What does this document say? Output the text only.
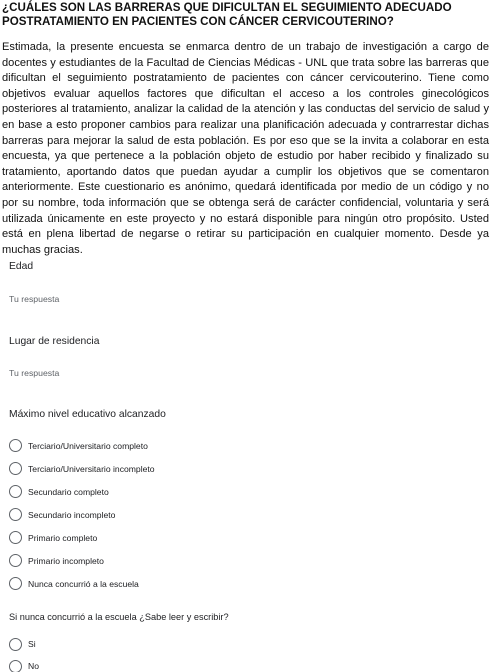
¿CUÁLES SON LAS BARRERAS QUE DIFICULTAN EL SEGUIMIENTO ADECUADO POSTRATAMIENTO EN PACIENTES CON CÁNCER CERVICOUTERINO?
Estimada, la presente encuesta se enmarca dentro de un trabajo de investigación a cargo de docentes y estudiantes de la Facultad de Ciencias Médicas - UNL que trata sobre las barreras que dificultan el seguimiento postratamiento de pacientes con cáncer cervicouterino. Tiene como objetivos evaluar aquellos factores que dificultan el acceso a los controles ginecológicos posteriores al tratamiento, analizar la calidad de la atención y las conductas del servicio de salud y en base a esto proponer cambios para realizar una planificación adecuada y contrarrestar dichas barreras para mejorar la salud de esta población. Es por eso que se la invita a colaborar en esta encuesta, ya que pertenece a la población objeto de estudio por haber recibido y finalizado su tratamiento, aportando datos que puedan ayudar a cumplir los objetivos que se comentaron anteriormente. Este cuestionario es anónimo, quedará identificada por medio de un código y no por su nombre, toda información que se obtenga será de carácter confidencial, voluntaria y será utilizada únicamente en este proyecto y no estará disponible para ningún otro propósito. Usted está en plena libertad de negarse o retirar su participación en cualquier momento. Desde ya muchas gracias.
Edad
Tu respuesta
Lugar de residencia
Tu respuesta
Máximo nivel educativo alcanzado
Terciario/Universitario completo
Terciario/Universitario incompleto
Secundario completo
Secundario incompleto
Primario completo
Primario incompleto
Nunca concurrió a la escuela
Si nunca concurrió a la escuela ¿Sabe leer y escribir?
Si
No
